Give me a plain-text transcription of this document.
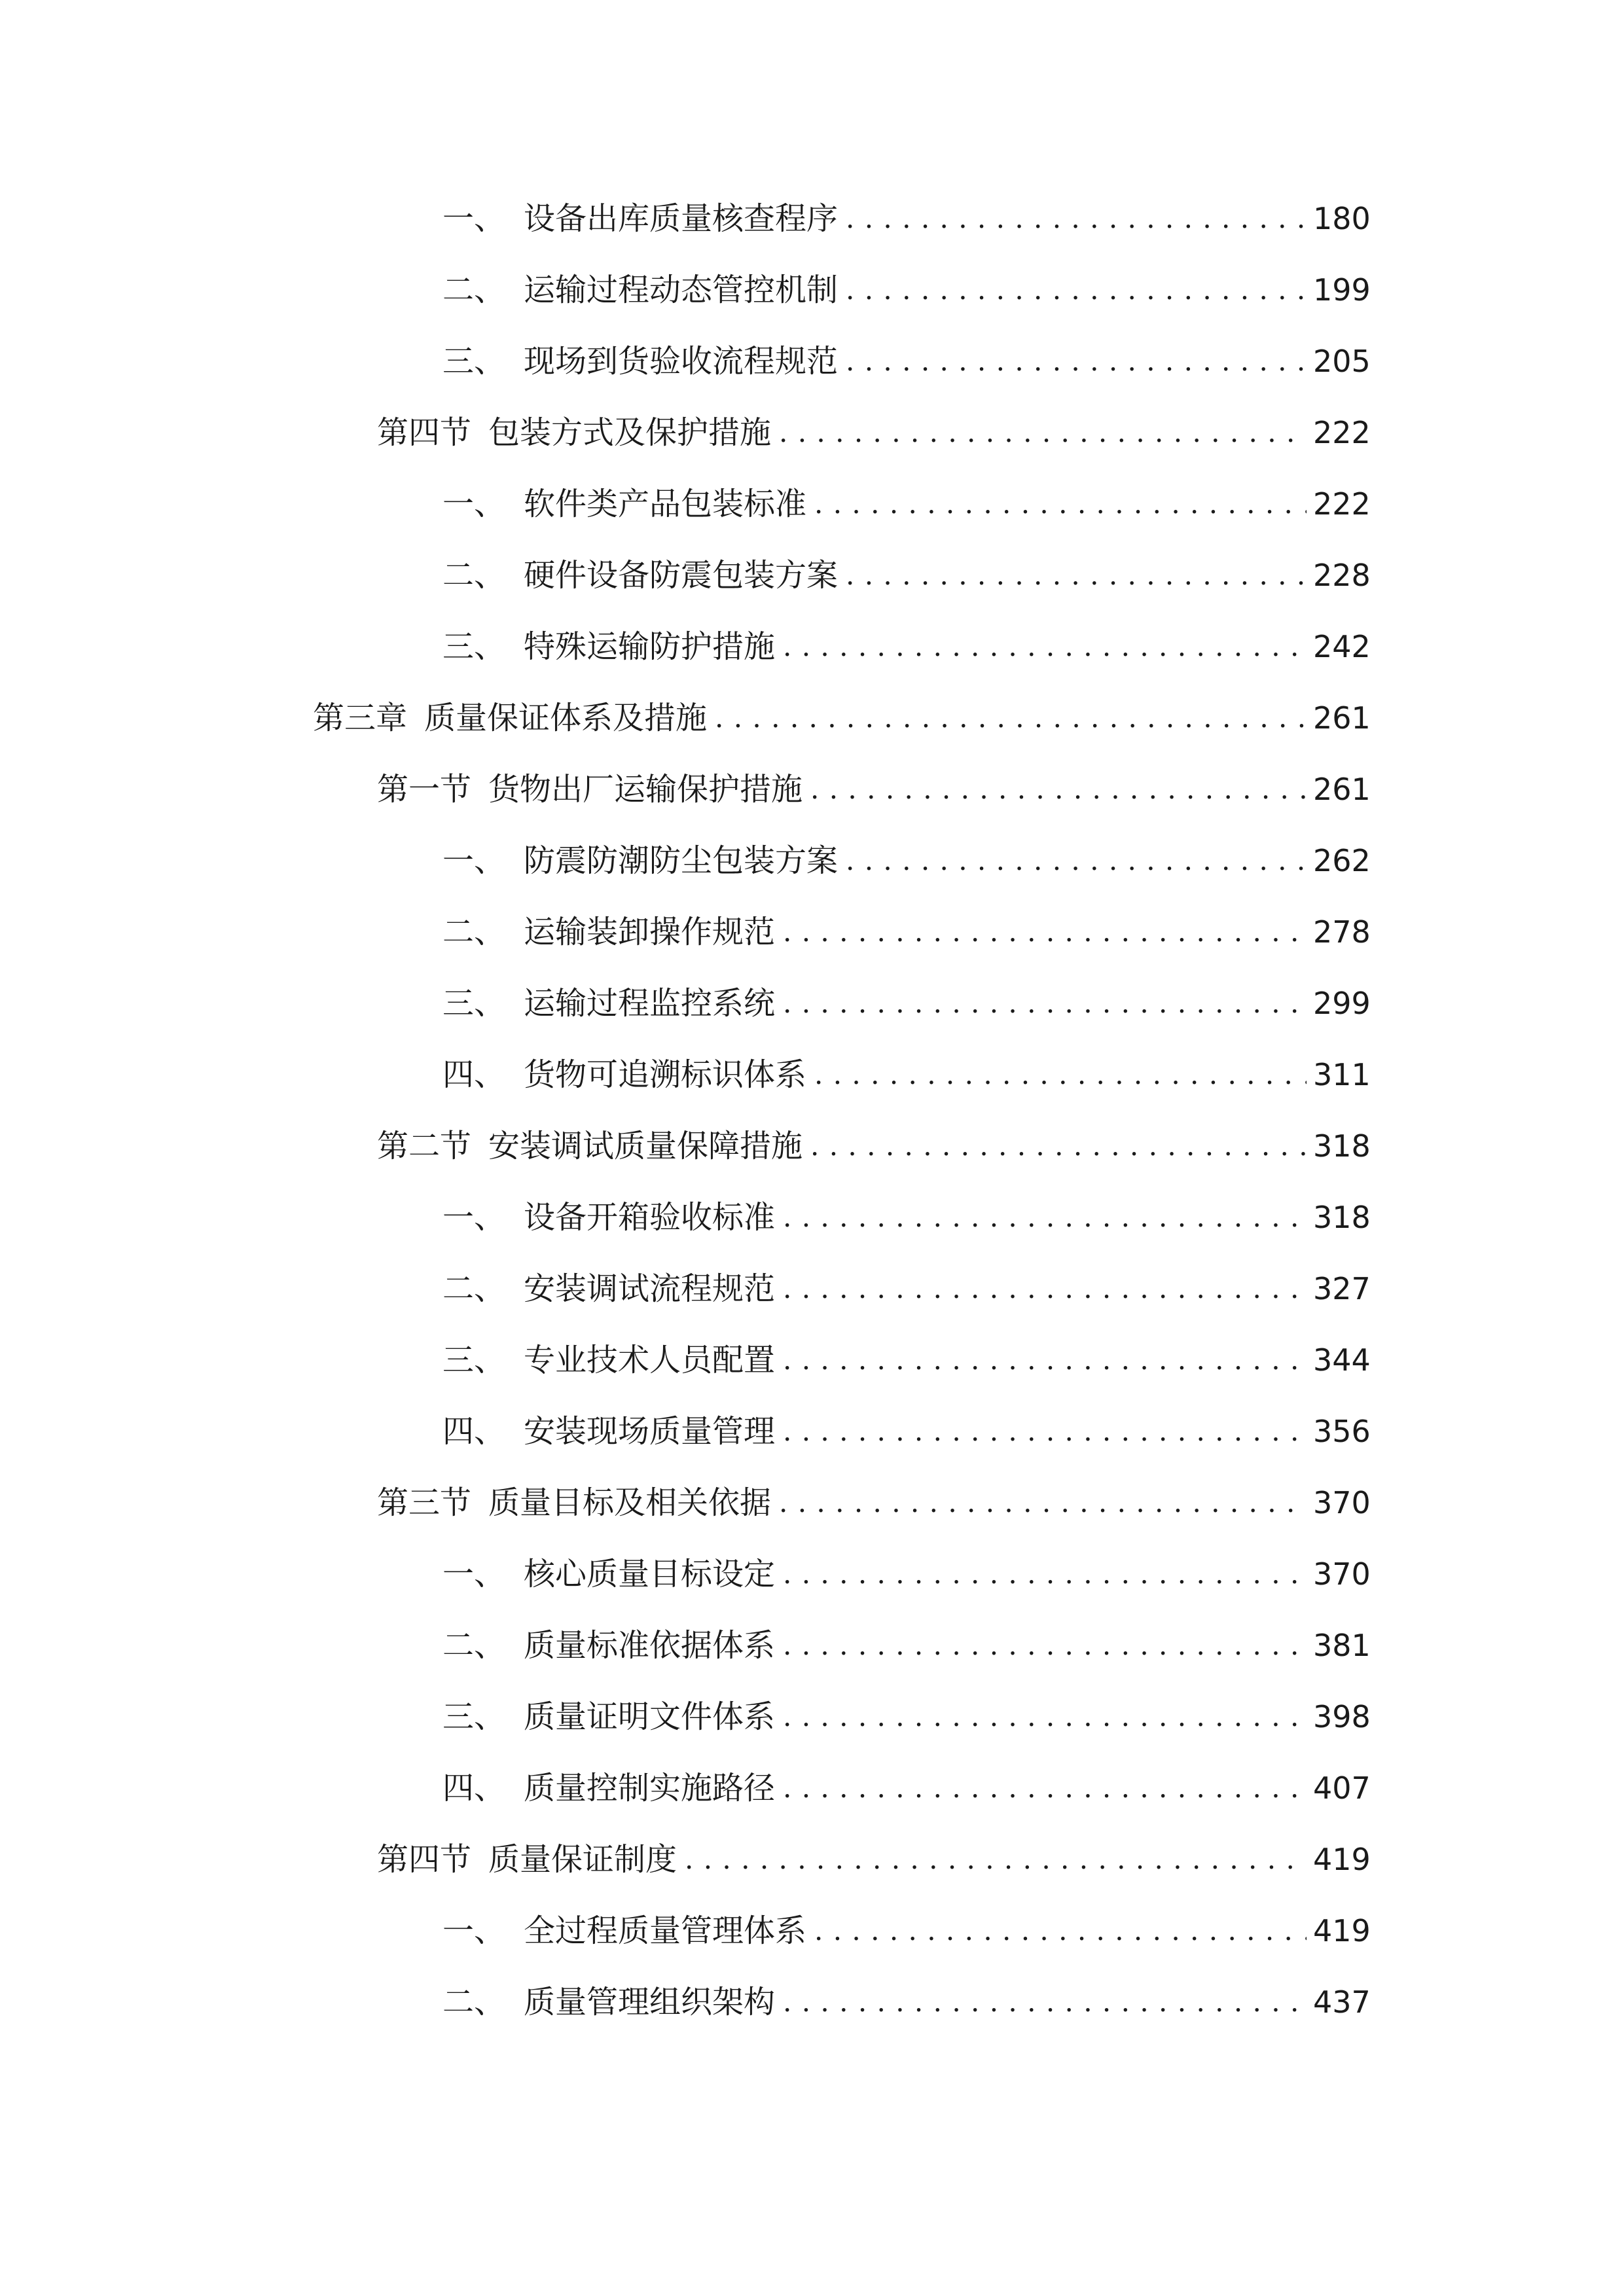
一、 设备出库质量核查程序 . . .	180
二、 运输过程动态管控机制 . . .	199
三、 现场到货验收流程规范 . . .	205
第四节 包装方式及保护措施 . . .	222
一、 软件类产品包装标准 . . .	222
二、 硬件设备防震包装方案 . . .	228
三、 特殊运输防护措施 . . .	242
第三章 质量保证体系及措施 . . .	261
第一节 货物出厂运输保护措施 . . .	261
一、 防震防潮防尘包装方案 . . .	262
二、 运输装卸操作规范 . . .	278
三、 运输过程监控系统 . . .	299
四、 货物可追溯标识体系 . . .	311
第二节 安装调试质量保障措施 . . .	318
一、 设备开箱验收标准 . . .	318
二、 安装调试流程规范 . . .	327
三、 专业技术人员配置 . . .	344
四、 安装现场质量管理 . . .	356
第三节 质量目标及相关依据 . . .	370
一、 核心质量目标设定 . . .	370
二、 质量标准依据体系 . . .	381
三、 质量证明文件体系 . . .	398
四、 质量控制实施路径 . . .	407
第四节 质量保证制度 . . .	419
一、 全过程质量管理体系 . . .	419
二、 质量管理组织架构 . . .	437
